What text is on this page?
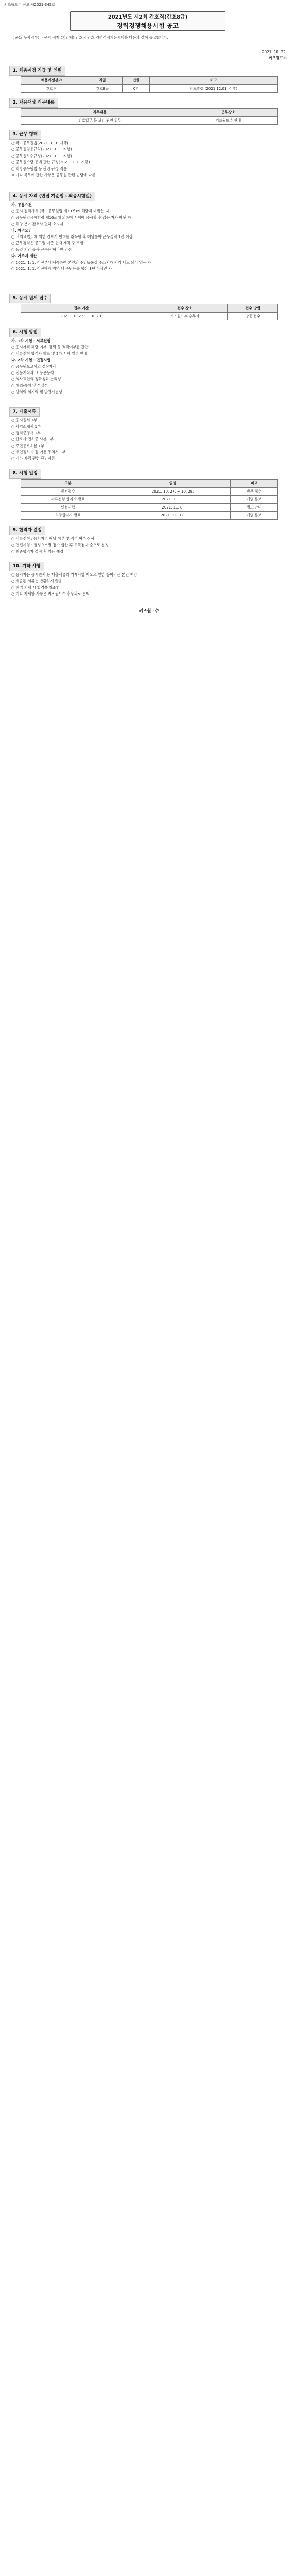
키즈월드수 공고 제2021-345호
2021년도 제2회 간호직(간호8급)
경력경쟁채용시험 공고
국군(의무사령부) 국군지 직제 (기간제) 간호직 간호 경력경쟁채용시험을 다음과 같이 공고합니다.
2021. 10. 22.
키즈월드수
1. 채용예정 직급 및 인원
채용예정분야	직급	인원	비고
간호직	간호8급	0명	전보발령 (2021.12.01. 이후)
2. 채용대상 직무내용
직무내용	근무장소
간호업무 등 보건 관련 업무	키즈월드수 관내
3. 근무 형태
○ 국가공무원법(2021. 1. 1. 시행)
○ 공무원임용규칙(2021. 1. 1. 시행)
○ 공무원보수규정(2021. 1. 1. 시행)
○ 공무원수당 등에 관한 규정(2021. 1. 1. 시행)
○ 지방공무원법 등 관련 규정 적용
※ 기타 복무에 관한 사항은 공무원 관련 법령에 따름
4. 응시 자격 (면접 기준일 : 최종시험일)
가. 공통요건
○ 응시 결격사유 (국가공무원법 제33조)에 해당하지 않는 자
○ 공무원임용시험령 제16조에 의하여 시험에 응시할 수 없는 자가 아닌 자
○ 해당 분야 간호사 면허 소지자
나. 자격요건
○ 「의료법」에 의한 간호사 면허를 취득한 후 해당분야 근무경력 1년 이상
○ 근무경력은 공고일 기준 현재 재직 중 포함
○ 동일 기간 중복 근무는 하나만 인정
다. 거주지 제한
○ 2021. 1. 1. 이전부터 계속하여 본인의 주민등록상 주소지가 지역 내로 되어 있는 자
○ 2021. 1. 1. 이전까지 지역 내 주민등록 합산 3년 이상인 자
5. 응시 원서 접수
접수 기간	접수 장소	접수 방법
2021. 10. 27. ~ 10. 29.	키즈월드수 총무과	방문 접수
6. 시험 방법
가. 1차 시험 : 서류전형
○ 응시자격 해당 여부, 경력 등 적격여부를 판단
○ 서류전형 합격자 발표 및 2차 시험 일정 안내
나. 2차 시험 : 면접시험
○ 공무원으로서의 정신자세
○ 전문지식과 그 응용능력
○ 의사표현의 정확성과 논리성
○ 예의·품행 및 성실성
○ 창의력·의지력 및 발전가능성
7. 제출서류
○ 응시원서 1부
○ 자기소개서 1부
○ 경력증명서 1부
○ 간호사 면허증 사본 1부
○ 주민등록초본 1부
○ 개인정보 수집·이용 동의서 1부
○ 기타 자격 관련 증빙서류
8. 시험 일정
구분	일정	비고
원서접수	2021. 10. 27. ~ 10. 29.	방문 접수
서류전형 합격자 발표	2021. 11. 3.	개별 통보
면접시험	2021. 11. 8.	별도 안내
최종합격자 발표	2021. 11. 12.	개별 통보
9. 합격자 결정
○ 서류전형 : 응시자격 해당 여부 및 적격 여부 심사
○ 면접시험 : 평정요소별 점수 합산 후 고득점자 순으로 결정
○ 최종합격자 결정 후 임용 예정
10. 기타 사항
○ 응시자는 응시원서 등 제출서류의 기재사항 착오로 인한 불이익은 본인 책임
○ 제출된 서류는 반환하지 않음
○ 허위 기재 시 합격을 취소함
○ 기타 자세한 사항은 키즈월드수 총무과로 문의
키즈월드수
